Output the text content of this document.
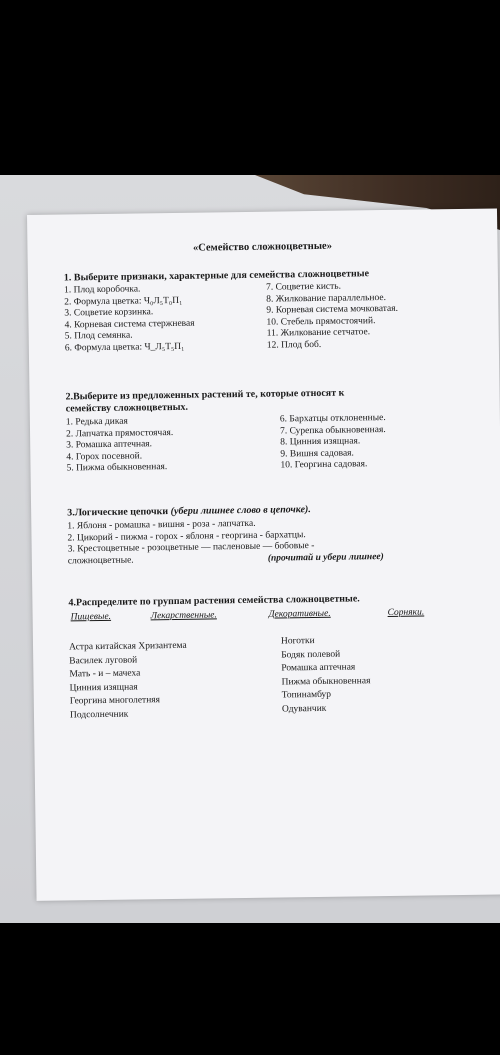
«Семейство сложноцветные»
1. Выберите признаки, характерные для семейства сложноцветные
1. Плод коробочка.
2. Формула цветка: Ч₀Л₅Т₀П₁
3. Соцветие корзинка.
4. Корневая система стержневая
5. Плод семянка.
6. Формула цветка: Ч_Л₅Т₅П₁
7. Соцветие кисть.
8. Жилкование параллельное.
9. Корневая система мочковатая.
10. Стебель прямостоячий.
11. Жилкование сетчатое.
12. Плод боб.
2.Выберите из предложенных растений те, которые относят к
семейству сложноцветных.
1. Редька дикая
2. Лапчатка прямостоячая.
3. Ромашка аптечная.
4. Горох посевной.
5. Пижма обыкновенная.
6. Бархатцы отклоненные.
7. Сурепка обыкновенная.
8. Цинния изящная.
9. Вишня садовая.
10. Георгина садовая.
3.Логические цепочки (убери лишнее слово в цепочке).
1. Яблоня - ромашка - вишня - роза - лапчатка.
2. Цикорий - пижма - горох - яблоня - георгина - бархатцы.
3. Крестоцветные - розоцветные — пасленовые — бобовые -
сложноцветные.	(прочитай и убери лишнее)
4.Распределите по группам растения семейства сложноцветные.
Пищевые.	Лекарственные.	Декоративные.	Сорняки.
Астра китайская Хризантема
Василек луговой
Мать - и – мачеха
Цинния изящная
Георгина многолетняя
Подсолнечник
Ноготки
Бодяк полевой
Ромашка аптечная
Пижма обыкновенная
Топинамбур
Одуванчик
